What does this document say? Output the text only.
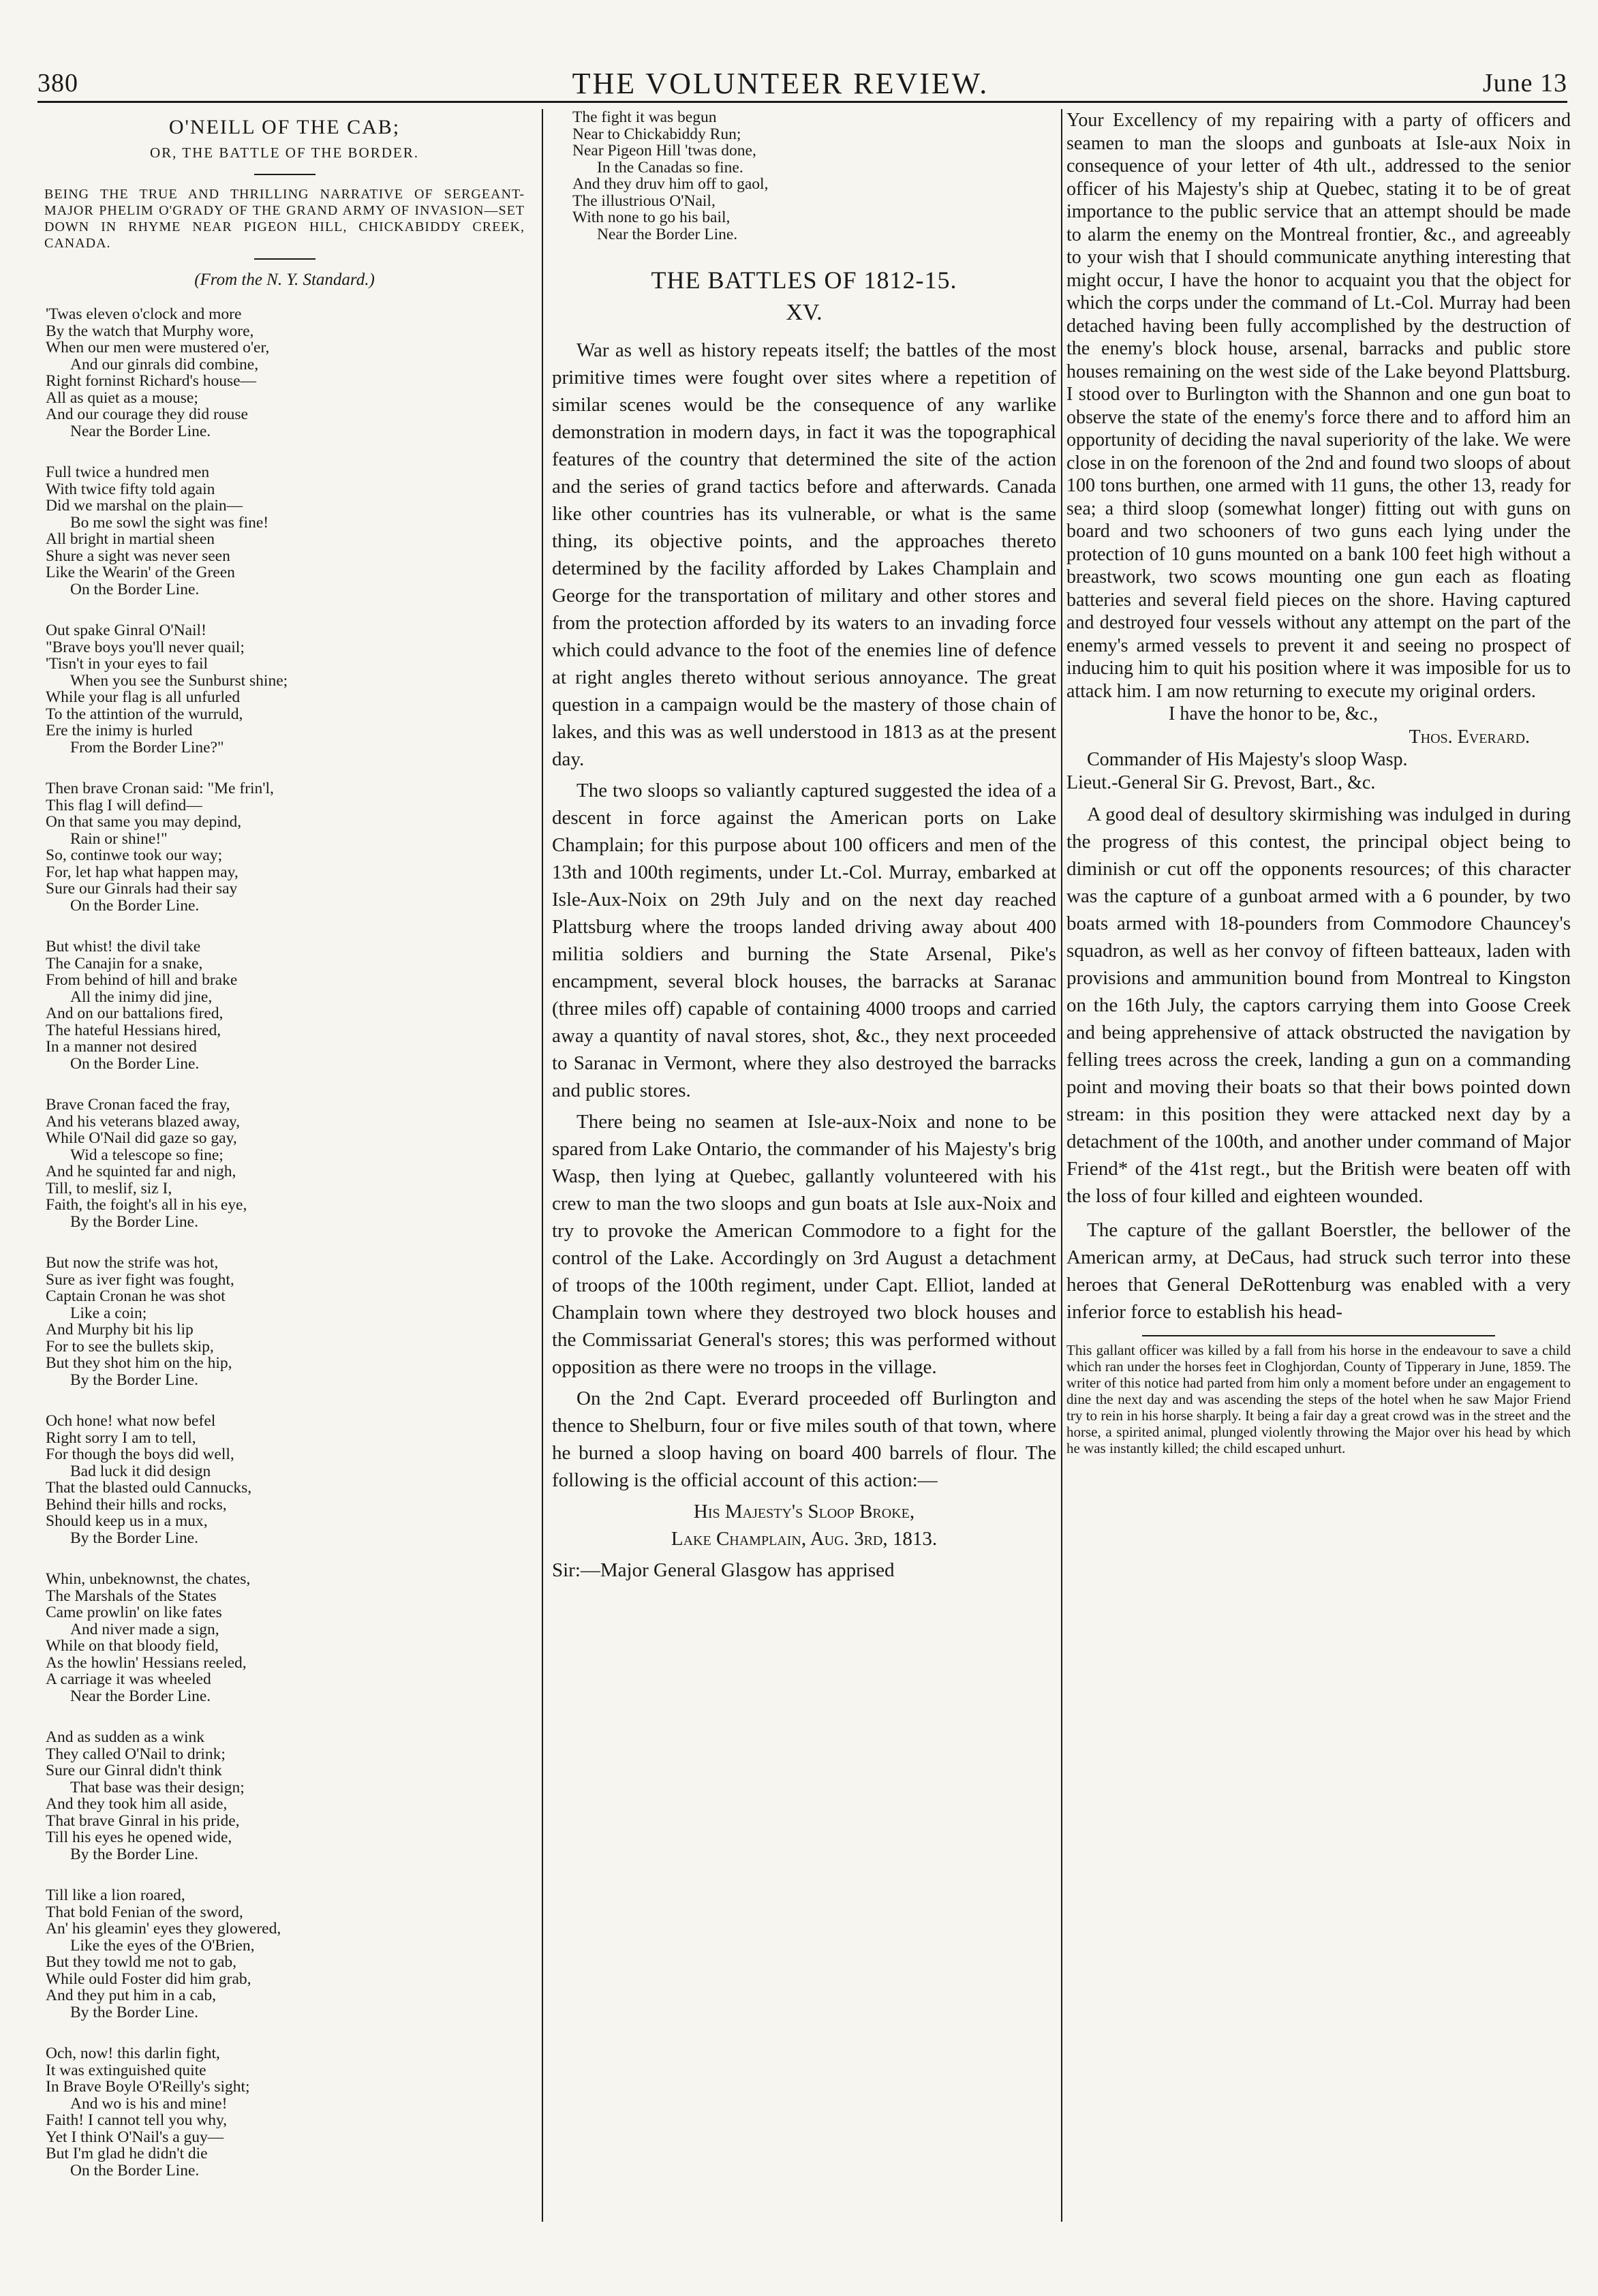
380	THE VOLUNTEER REVIEW.	June 13
O'NEILL OF THE CAB;
OR, THE BATTLE OF THE BORDER.
BEING THE TRUE AND THRILLING NARRATIVE OF SERGEANT-MAJOR PHELIM O'GRADY OF THE GRAND ARMY OF INVASION—SET DOWN IN RHYME NEAR PIGEON HILL, CHICKABIDDY CREEK, CANADA.
(From the N. Y. Standard.)
'Twas eleven o'clock and more
By the watch that Murphy wore,
When our men were mustered o'er,
And our ginrals did combine,
Right forninst Richard's house—
All as quiet as a mouse;
And our courage they did rouse
Near the Border Line.
Full twice a hundred men
With twice fifty told again
Did we marshal on the plain—
Bo me sowl the sight was fine!
All bright in martial sheen
Shure a sight was never seen
Like the Wearin' of the Green
On the Border Line.
Out spake Ginral O'Nail!
"Brave boys you'll never quail;
'Tisn't in your eyes to fail
When you see the Sunburst shine;
While your flag is all unfurled
To the attintion of the wurruld,
Ere the inimy is hurled
From the Border Line?"
Then brave Cronan said: "Me frin'l,
This flag I will defind—
On that same you may depind,
Rain or shine!"
So, continwe took our way;
For, let hap what happen may,
Sure our Ginrals had their say
On the Border Line.
But whist! the divil take
The Canajin for a snake,
From behind of hill and brake
All the inimy did jine,
And on our battalions fired,
The hateful Hessians hired,
In a manner not desired
On the Border Line.
Brave Cronan faced the fray,
And his veterans blazed away,
While O'Nail did gaze so gay,
Wid a telescope so fine;
And he squinted far and nigh,
Till, to meslif, siz I,
Faith, the foight's all in his eye,
By the Border Line.
But now the strife was hot,
Sure as iver fight was fought,
Captain Cronan he was shot
Like a coin;
And Murphy bit his lip
For to see the bullets skip,
But they shot him on the hip,
By the Border Line.
Och hone! what now befel
Right sorry I am to tell,
For though the boys did well,
Bad luck it did design
That the blasted ould Cannucks,
Behind their hills and rocks,
Should keep us in a mux,
By the Border Line.
Whin, unbeknownst, the chates,
The Marshals of the States
Came prowlin' on like fates
And niver made a sign,
While on that bloody field,
As the howlin' Hessians reeled,
A carriage it was wheeled
Near the Border Line.
And as sudden as a wink
They called O'Nail to drink;
Sure our Ginral didn't think
That base was their design;
And they took him all aside,
That brave Ginral in his pride,
Till his eyes he opened wide,
By the Border Line.
Till like a lion roared,
That bold Fenian of the sword,
An' his gleamin' eyes they glowered,
Like the eyes of the O'Brien,
But they towld me not to gab,
While ould Foster did him grab,
And they put him in a cab,
By the Border Line.
Och, now! this darlin fight,
It was extinguished quite
In Brave Boyle O'Reilly's sight;
And wo is his and mine!
Faith! I cannot tell you why,
Yet I think O'Nail's a guy—
But I'm glad he didn't die
On the Border Line.
The fight it was begun
Near to Chickabiddy Run;
Near Pigeon Hill 'twas done,
In the Canadas so fine.
And they druv him off to gaol,
The illustrious O'Nail,
With none to go his bail,
Near the Border Line.
THE BATTLES OF 1812-15.
XV.

War as well as history repeats itself; the battles of the most primitive times were fought over sites where a repetition of similar scenes would be the consequence of any warlike demonstration in modern days, in fact it was the topographical features of the country that determined the site of the action and the series of grand tactics before and afterwards. Canada like other countries has its vulnerable, or what is the same thing, its objective points, and the approaches thereto determined by the facility afforded by Lakes Champlain and George for the transportation of military and other stores and from the protection afforded by its waters to an invading force which could advance to the foot of the enemies line of defence at right angles thereto without serious annoyance. The great question in a campaign would be the mastery of those chain of lakes, and this was as well understood in 1813 as at the present day.

The two sloops so valiantly captured suggested the idea of a descent in force against the American ports on Lake Champlain; for this purpose about 100 officers and men of the 13th and 100th regiments, under Lt.-Col. Murray, embarked at Isle-Aux-Noix on 29th July and on the next day reached Plattsburg where the troops landed driving away about 400 militia soldiers and burning the State Arsenal, Pike's encampment, several block houses, the barracks at Saranac (three miles off) capable of containing 4000 troops and carried away a quantity of naval stores, shot, &c., they next proceeded to Saranac in Vermont, where they also destroyed the barracks and public stores.

There being no seamen at Isle-aux-Noix and none to be spared from Lake Ontario, the commander of his Majesty's brig Wasp, then lying at Quebec, gallantly volunteered with his crew to man the two sloops and gun boats at Isle aux-Noix and try to provoke the American Commodore to a fight for the control of the Lake. Accordingly on 3rd August a detachment of troops of the 100th regiment, under Capt. Elliot, landed at Champlain town where they destroyed two block houses and the Commissariat General's stores; this was performed without opposition as there were no troops in the village.

On the 2nd Capt. Everard proceeded off Burlington and thence to Shelburn, four or five miles south of that town, where he burned a sloop having on board 400 barrels of flour. The following is the official account of this action:—

His Majesty's Sloop Broke,
Lake Champlain, Aug. 3rd, 1813.

Sir:—Major General Glasgow has apprised

Your Excellency of my repairing with a party of officers and seamen to man the sloops and gunboats at Isle-aux Noix in consequence of your letter of 4th ult., addressed to the senior officer of his Majesty's ship at Quebec, stating it to be of great importance to the public service that an attempt should be made to alarm the enemy on the Montreal frontier, &c., and agreeably to your wish that I should communicate anything interesting that might occur, I have the honor to acquaint you that the object for which the corps under the command of Lt.-Col. Murray had been detached having been fully accomplished by the destruction of the enemy's block house, arsenal, barracks and public store houses remaining on the west side of the Lake beyond Plattsburg. I stood over to Burlington with the Shannon and one gun boat to observe the state of the enemy's force there and to afford him an opportunity of deciding the naval superiority of the lake. We were close in on the forenoon of the 2nd and found two sloops of about 100 tons burthen, one armed with 11 guns, the other 13, ready for sea; a third sloop (somewhat longer) fitting out with guns on board and two schooners of two guns each lying under the protection of 10 guns mounted on a bank 100 feet high without a breastwork, two scows mounting one gun each as floating batteries and several field pieces on the shore. Having captured and destroyed four vessels without any attempt on the part of the enemy's armed vessels to prevent it and seeing no prospect of inducing him to quit his position where it was imposible for us to attack him. I am now returning to execute my original orders.

I have the honor to be, &c.,

Thos. Everard.

Commander of His Majesty's sloop Wasp.

Lieut.-General Sir G. Prevost, Bart., &c.

A good deal of desultory skirmishing was indulged in during the progress of this contest, the principal object being to diminish or cut off the opponents resources; of this character was the capture of a gunboat armed with a 6 pounder, by two boats armed with 18-pounders from Commodore Chauncey's squadron, as well as her convoy of fifteen batteaux, laden with provisions and ammunition bound from Montreal to Kingston on the 16th July, the captors carrying them into Goose Creek and being apprehensive of attack obstructed the navigation by felling trees across the creek, landing a gun on a commanding point and moving their boats so that their bows pointed down stream: in this position they were attacked next day by a detachment of the 100th, and another under command of Major Friend* of the 41st regt., but the British were beaten off with the loss of four killed and eighteen wounded.

The capture of the gallant Boerstler, the bellower of the American army, at DeCaus, had struck such terror into these heroes that General DeRottenburg was enabled with a very inferior force to establish his head-

This gallant officer was killed by a fall from his horse in the endeavour to save a child which ran under the horses feet in Cloghjordan, County of Tipperary in June, 1859. The writer of this notice had parted from him only a moment before under an engagement to dine the next day and was ascending the steps of the hotel when he saw Major Friend try to rein in his horse sharply. It being a fair day a great crowd was in the street and the horse, a spirited animal, plunged violently throwing the Major over his head by which he was instantly killed; the child escaped unhurt.
